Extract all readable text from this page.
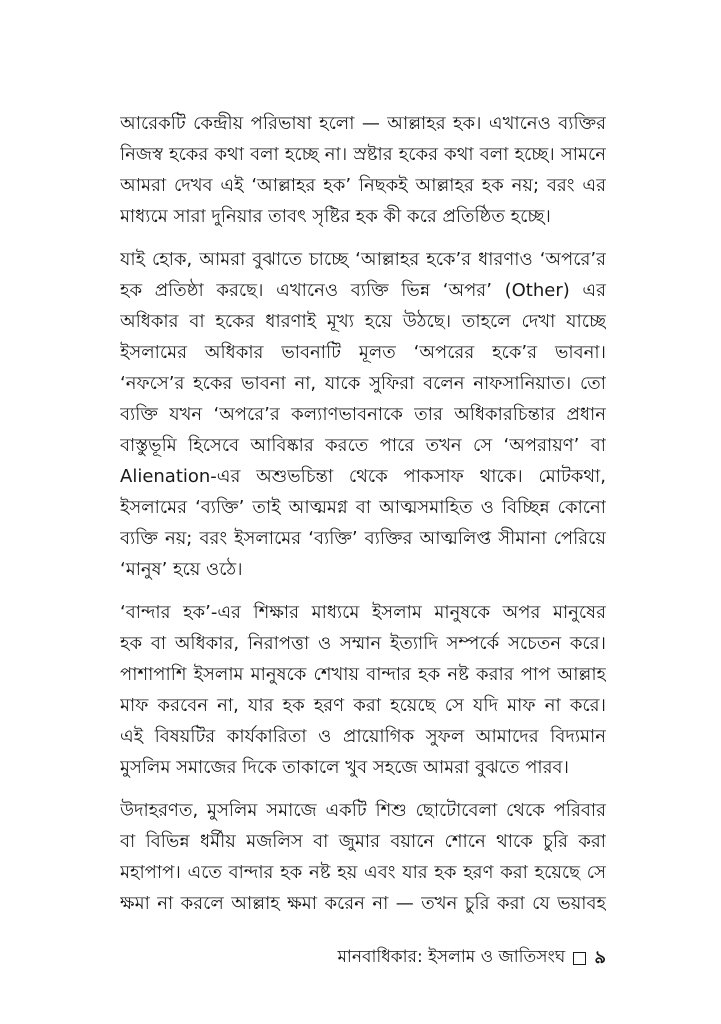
আরেকটি কেন্দ্রীয় পরিভাষা হলো — আল্লাহর হক। এখানেও ব্যক্তির
নিজস্ব হকের কথা বলা হচ্ছে না। স্রষ্টার হকের কথা বলা হচ্ছে। সামনে
আমরা দেখব এই ‘আল্লাহর হক’ নিছকই আল্লাহর হক নয়; বরং এর
মাধ্যমে সারা দুনিয়ার তাবৎ সৃষ্টির হক কী করে প্রতিষ্ঠিত হচ্ছে।
যাই হোক, আমরা বুঝাতে চাচ্ছে ‘আল্লাহর হকে’র ধারণাও ‘অপরে’র
হক প্রতিষ্ঠা করছে। এখানেও ব্যক্তি ভিন্ন ‘অপর’ (Other) এর
অধিকার বা হকের ধারণাই মূখ্য হয়ে উঠছে। তাহলে দেখা যাচ্ছে
ইসলামের অধিকার ভাবনাটি মূলত ‘অপরের হকে’র ভাবনা।
‘নফসে’র হকের ভাবনা না, যাকে সুফিরা বলেন নাফসানিয়াত। তো
ব্যক্তি যখন ‘অপরে’র কল্যাণভাবনাকে তার অধিকারচিন্তার প্রধান
বাস্তুভূমি হিসেবে আবিষ্কার করতে পারে তখন সে ‘অপরায়ণ’ বা
Alienation-এর অশুভচিন্তা থেকে পাকসাফ থাকে। মোটকথা,
ইসলামের ‘ব্যক্তি’ তাই আত্মমগ্ন বা আত্মসমাহিত ও বিচ্ছিন্ন কোনো
ব্যক্তি নয়; বরং ইসলামের ‘ব্যক্তি’ ব্যক্তির আত্মলিপ্ত সীমানা পেরিয়ে
‘মানুষ’ হয়ে ওঠে।
‘বান্দার হক’-এর শিক্ষার মাধ্যমে ইসলাম মানুষকে অপর মানুষের
হক বা অধিকার, নিরাপত্তা ও সম্মান ইত্যাদি সম্পর্কে সচেতন করে।
পাশাপাশি ইসলাম মানুষকে শেখায় বান্দার হক নষ্ট করার পাপ আল্লাহ
মাফ করবেন না, যার হক হরণ করা হয়েছে সে যদি মাফ না করে।
এই বিষয়টির কার্যকারিতা ও প্রায়োগিক সুফল আমাদের বিদ্যমান
মুসলিম সমাজের দিকে তাকালে খুব সহজে আমরা বুঝতে পারব।
উদাহরণত, মুসলিম সমাজে একটি শিশু ছোটোবেলা থেকে পরিবার
বা বিভিন্ন ধর্মীয় মজলিস বা জুমার বয়ানে শোনে থাকে চুরি করা
মহাপাপ। এতে বান্দার হক নষ্ট হয় এবং যার হক হরণ করা হয়েছে সে
ক্ষমা না করলে আল্লাহ ক্ষমা করেন না — তখন চুরি করা যে ভয়াবহ
মানবাধিকার: ইসলাম ও জাতিসংঘ ৯
